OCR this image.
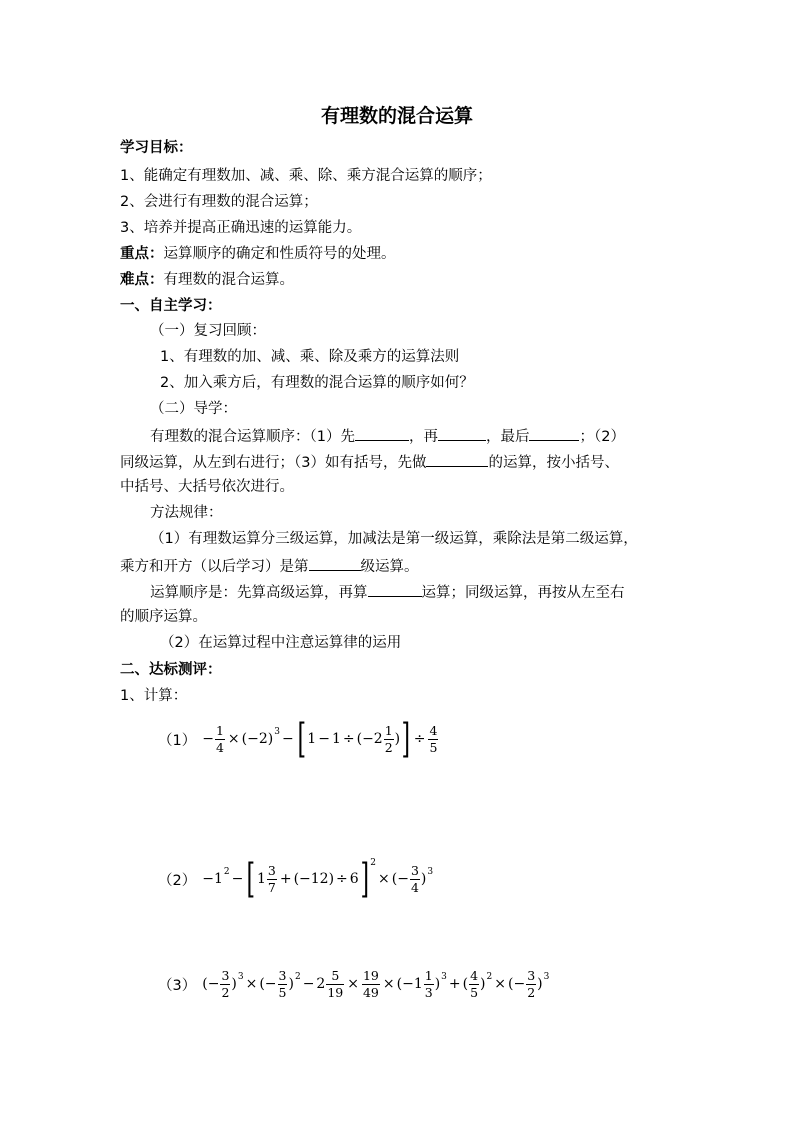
有理数的混合运算
学习目标：
1、能确定有理数加、减、乘、除、乘方混合运算的顺序；
2、会进行有理数的混合运算；
3、培养并提高正确迅速的运算能力。
重点：运算顺序的确定和性质符号的处理。
难点：有理数的混合运算。
一、自主学习：
（一）复习回顾：
1、有理数的加、减、乘、除及乘方的运算法则
2、加入乘方后，有理数的混合运算的顺序如何？
（二）导学：
有理数的混合运算顺序：（1）先	，再	，最后	；（2）
同级运算，从左到右进行；（3）如有括号，先做	的运算，按小括号、
中括号、大括号依次进行。
方法规律：
（1）有理数运算分三级运算，加减法是第一级运算，乘除法是第二级运算，
乘方和开方（以后学习）是第	级运算。
运算顺序是：先算高级运算，再算	运算；同级运算，再按从左至右
的顺序运算。
（2）在运算过程中注意运算律的运用
二、达标测评：
1、计算：
$(1) - \frac{1}{4} \times (-2) 3$ − [ $1 - 1 \div (-2 \frac{1}{2}$ ) ] ÷ $\frac{4}{5}$
（2） −1 2 − [ $1 \frac{3}{7} + (-12) \div 6$ ] 2
× (− $\frac{3}{4}$ ) 3
（3） (− $\frac{3}{2}$ ) 3 × (− $\frac{3}{5}$ ) $2 - 2 \frac{5}{19} \times \frac{19}{49} \times (-1 \frac{1}{3}$ ) 3 + ( $\frac{4}{5}$ ) 2 × (− $\frac{3}{2}$ ) 3
